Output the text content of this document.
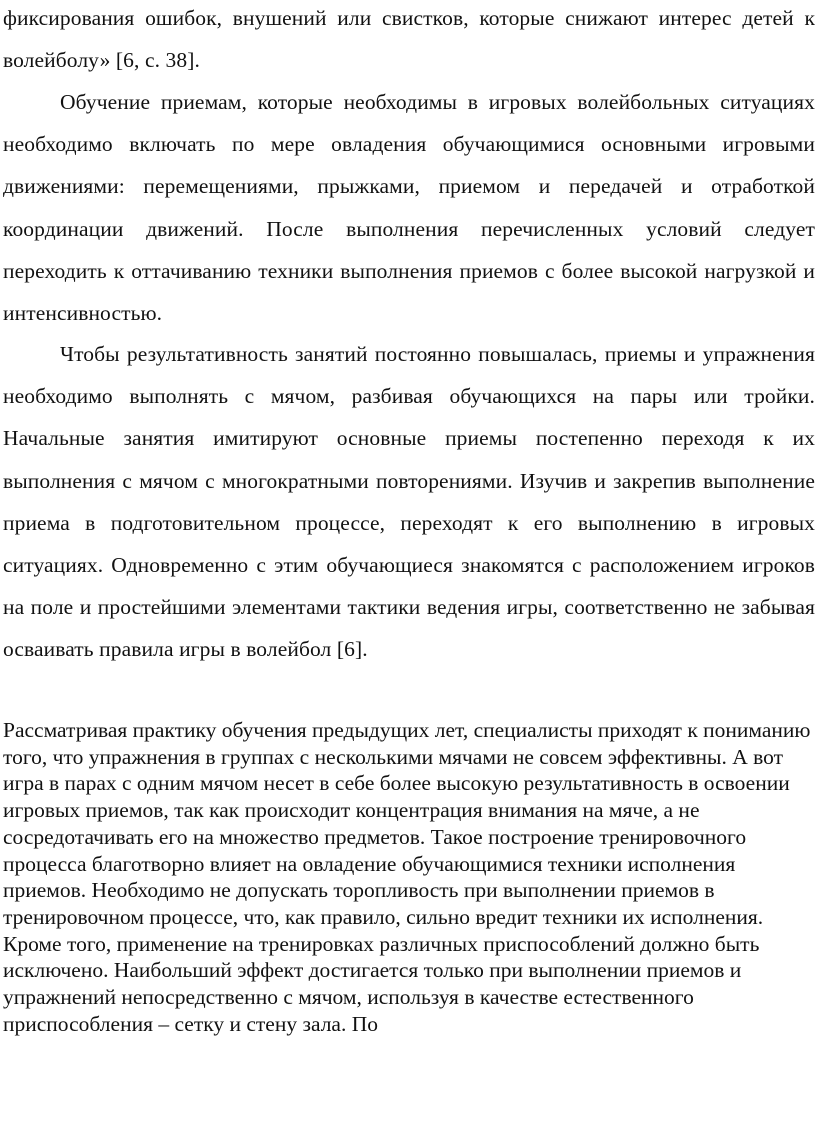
фиксирования ошибок, внушений или свистков, которые снижают интерес детей к волейболу» [6, с. 38].

Обучение приемам, которые необходимы в игровых волейбольных ситуациях необходимо включать по мере овладения обучающимися основными игровыми движениями: перемещениями, прыжками, приемом и передачей и отработкой координации движений. После выполнения перечисленных условий следует переходить к оттачиванию техники выполнения приемов с более высокой нагрузкой и интенсивностью.

Чтобы результативность занятий постоянно повышалась, приемы и упражнения необходимо выполнять с мячом, разбивая обучающихся на пары или тройки. Начальные занятия имитируют основные приемы постепенно переходя к их выполнения с мячом с многократными повторениями. Изучив и закрепив выполнение приема в подготовительном процессе, переходят к его выполнению в игровых ситуациях. Одновременно с этим обучающиеся знакомятся с расположением игроков на поле и простейшими элементами тактики ведения игры, соответственно не забывая осваивать правила игры в волейбол [6].

Рассматривая практику обучения предыдущих лет, специалисты приходят к пониманию того, что упражнения в группах с несколькими мячами не совсем эффективны. А вот игра в парах с одним мячом несет в себе более высокую результативность в освоении игровых приемов, так как происходит концентрация внимания на мяче, а не сосредотачивать его на множество предметов. Такое построение тренировочного процесса благотворно влияет на овладение обучающимися техники исполнения приемов. Необходимо не допускать торопливость при выполнении приемов в тренировочном процессе, что, как правило, сильно вредит техники их исполнения. Кроме того, применение на тренировках различных приспособлений должно быть исключено. Наибольший эффект достигается только при выполнении приемов и упражнений непосредственно с мячом, используя в качестве естественного приспособления – сетку и стену зала. По
